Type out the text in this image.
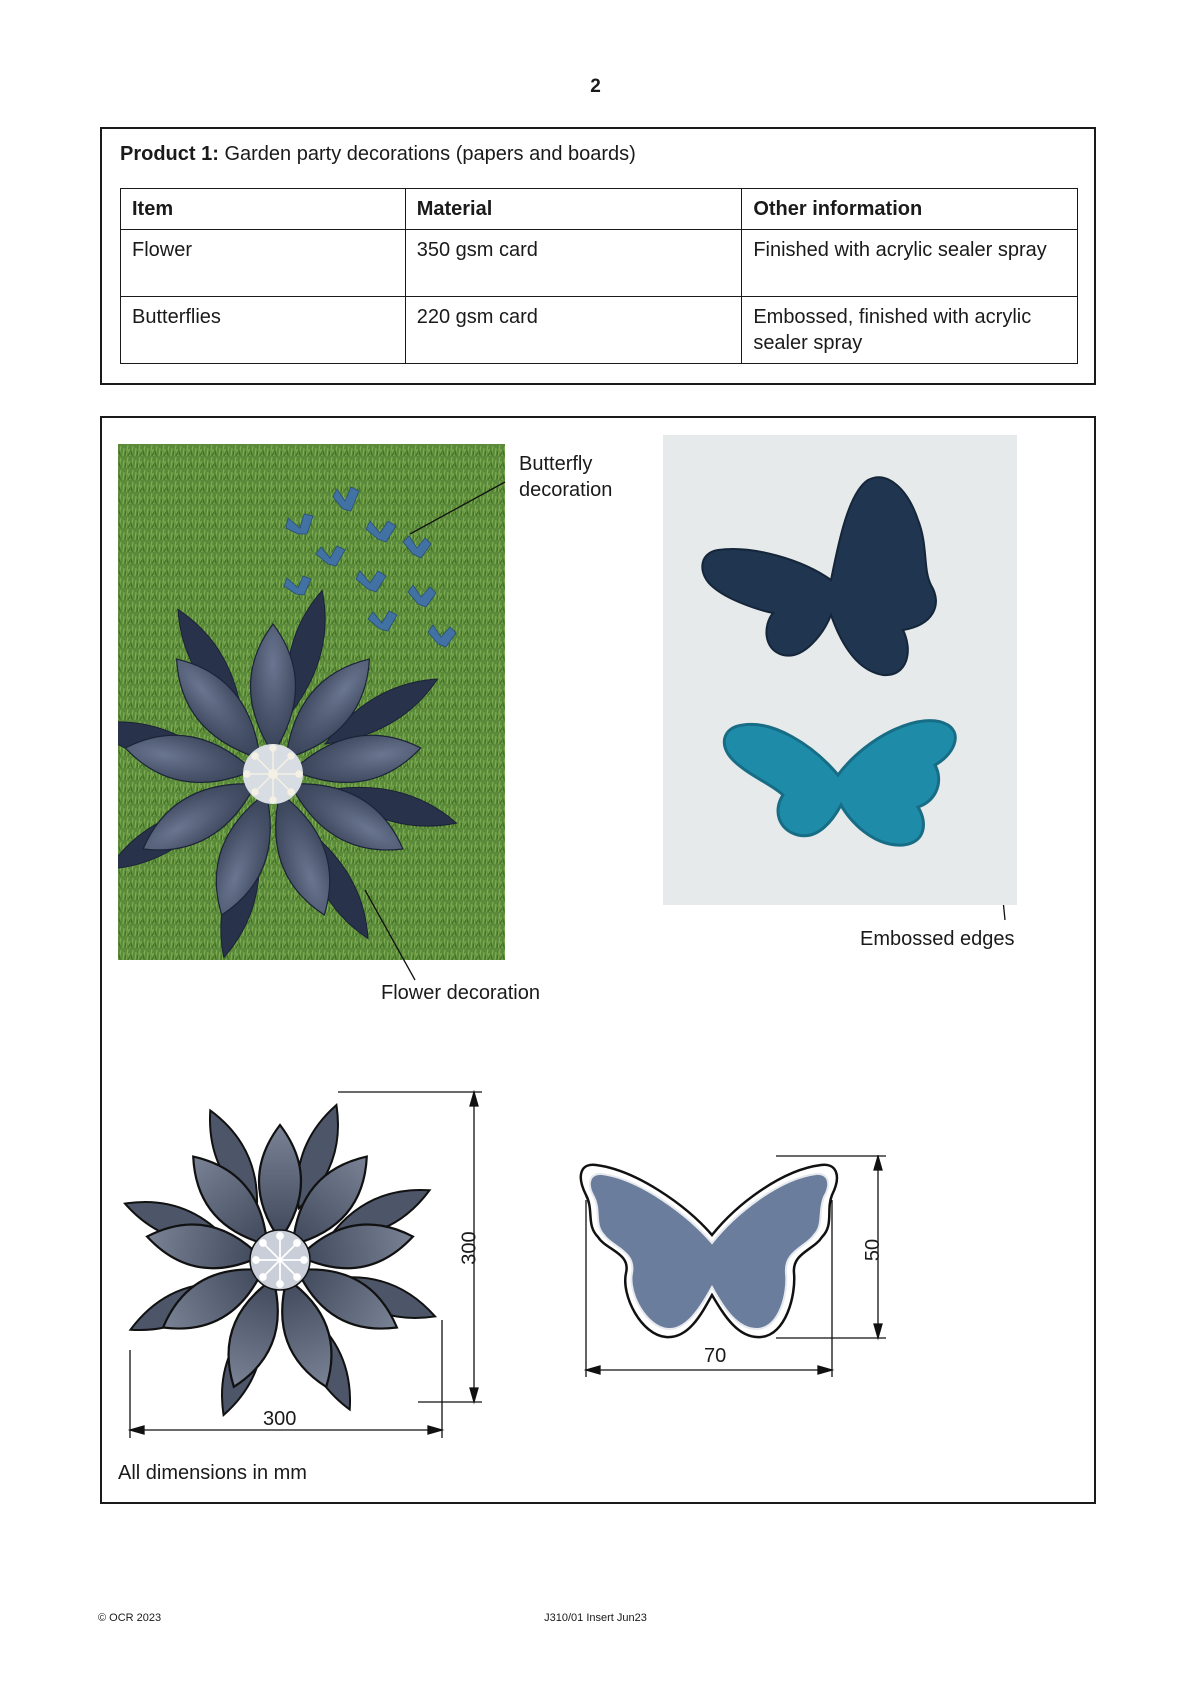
2
Product 1: Garden party decorations (papers and boards)
Item	Material	Other information
Flower	350 gsm card	Finished with acrylic sealer spray
Butterflies	220 gsm card	Embossed, finished with acrylic sealer spray
Butterfly
decoration
Flower decoration
Embossed edges
300
300
50
70
All dimensions in mm
© OCR 2023	J310/01 Insert Jun23
